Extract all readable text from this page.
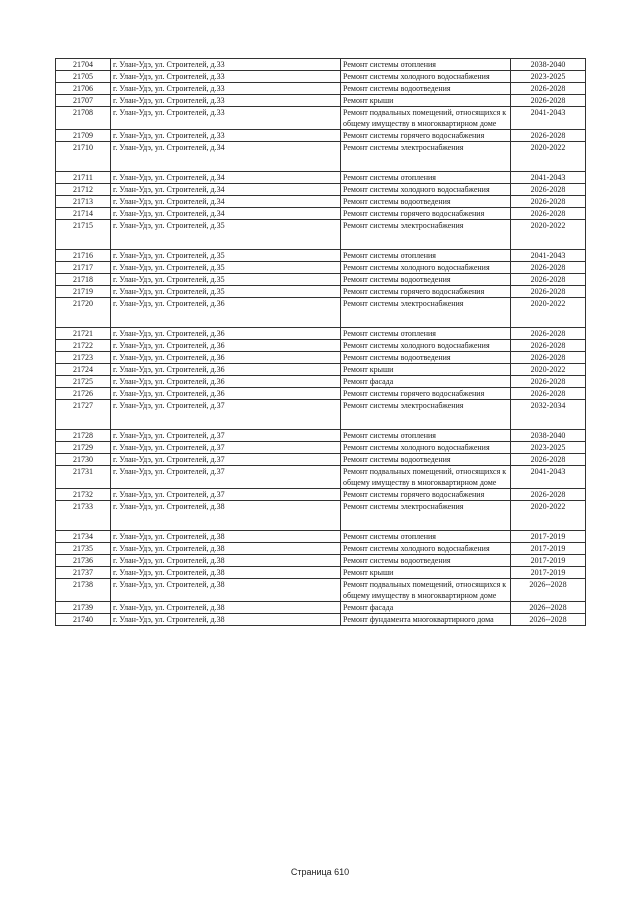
21704	г. Улан-Удэ, ул. Строителей, д.33	Ремонт системы отопления	2038-2040
21705	г. Улан-Удэ, ул. Строителей, д.33	Ремонт системы холодного водоснабжения	2023-2025
21706	г. Улан-Удэ, ул. Строителей, д.33	Ремонт системы водоотведения	2026-2028
21707	г. Улан-Удэ, ул. Строителей, д.33	Ремонт крыши	2026-2028
21708	г. Улан-Удэ, ул. Строителей, д.33	Ремонт подвальных помещений, относящихся к общему имуществу в многоквартирном доме	2041-2043
21709	г. Улан-Удэ, ул. Строителей, д.33	Ремонт системы горячего водоснабжения	2026-2028
21710	г. Улан-Удэ, ул. Строителей, д.34	Ремонт системы электроснабжения	2020-2022
21711	г. Улан-Удэ, ул. Строителей, д.34	Ремонт системы отопления	2041-2043
21712	г. Улан-Удэ, ул. Строителей, д.34	Ремонт системы холодного водоснабжения	2026-2028
21713	г. Улан-Удэ, ул. Строителей, д.34	Ремонт системы водоотведения	2026-2028
21714	г. Улан-Удэ, ул. Строителей, д.34	Ремонт системы горячего водоснабжения	2026-2028
21715	г. Улан-Удэ, ул. Строителей, д.35	Ремонт системы электроснабжения	2020-2022
21716	г. Улан-Удэ, ул. Строителей, д.35	Ремонт системы отопления	2041-2043
21717	г. Улан-Удэ, ул. Строителей, д.35	Ремонт системы холодного водоснабжения	2026-2028
21718	г. Улан-Удэ, ул. Строителей, д.35	Ремонт системы водоотведения	2026-2028
21719	г. Улан-Удэ, ул. Строителей, д.35	Ремонт системы горячего водоснабжения	2026-2028
21720	г. Улан-Удэ, ул. Строителей, д.36	Ремонт системы электроснабжения	2020-2022
21721	г. Улан-Удэ, ул. Строителей, д.36	Ремонт системы отопления	2026-2028
21722	г. Улан-Удэ, ул. Строителей, д.36	Ремонт системы холодного водоснабжения	2026-2028
21723	г. Улан-Удэ, ул. Строителей, д.36	Ремонт системы водоотведения	2026-2028
21724	г. Улан-Удэ, ул. Строителей, д.36	Ремонт крыши	2020-2022
21725	г. Улан-Удэ, ул. Строителей, д.36	Ремонт фасада	2026-2028
21726	г. Улан-Удэ, ул. Строителей, д.36	Ремонт системы горячего водоснабжения	2026-2028
21727	г. Улан-Удэ, ул. Строителей, д.37	Ремонт системы электроснабжения	2032-2034
21728	г. Улан-Удэ, ул. Строителей, д.37	Ремонт системы отопления	2038-2040
21729	г. Улан-Удэ, ул. Строителей, д.37	Ремонт системы холодного водоснабжения	2023-2025
21730	г. Улан-Удэ, ул. Строителей, д.37	Ремонт системы водоотведения	2026-2028
21731	г. Улан-Удэ, ул. Строителей, д.37	Ремонт подвальных помещений, относящихся к общему имуществу в многоквартирном доме	2041-2043
21732	г. Улан-Удэ, ул. Строителей, д.37	Ремонт системы горячего водоснабжения	2026-2028
21733	г. Улан-Удэ, ул. Строителей, д.38	Ремонт системы электроснабжения	2020-2022
21734	г. Улан-Удэ, ул. Строителей, д.38	Ремонт системы отопления	2017-2019
21735	г. Улан-Удэ, ул. Строителей, д.38	Ремонт системы холодного водоснабжения	2017-2019
21736	г. Улан-Удэ, ул. Строителей, д.38	Ремонт системы водоотведения	2017-2019
21737	г. Улан-Удэ, ул. Строителей, д.38	Ремонт крыши	2017-2019
21738	г. Улан-Удэ, ул. Строителей, д.38	Ремонт подвальных помещений, относящихся к общему имуществу в многоквартирном доме	2026--2028
21739	г. Улан-Удэ, ул. Строителей, д.38	Ремонт фасада	2026--2028
21740	г. Улан-Удэ, ул. Строителей, д.38	Ремонт фундамента многоквартирного дома	2026--2028
Страница 610
